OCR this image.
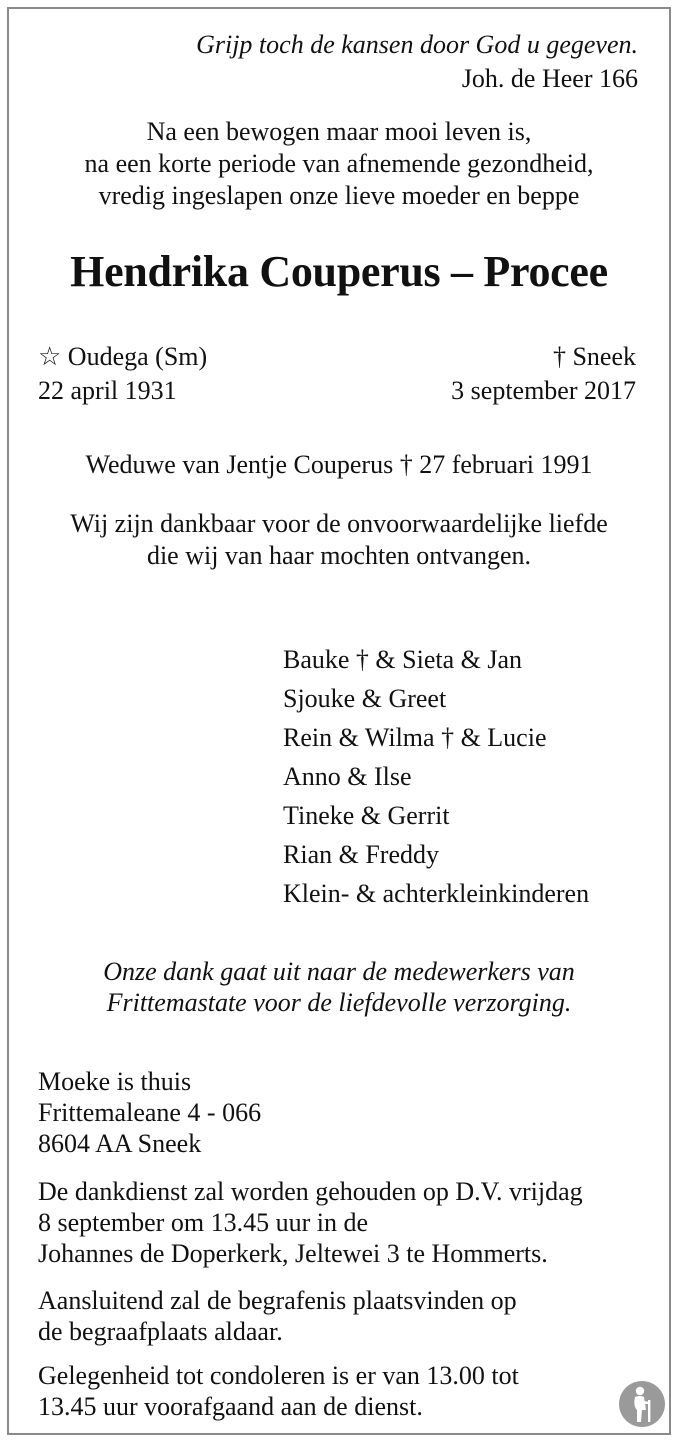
Grijp toch de kansen door God u gegeven.
Joh. de Heer 166
Na een bewogen maar mooi leven is,
na een korte periode van afnemende gezondheid,
vredig ingeslapen onze lieve moeder en beppe
Hendrika Couperus – Procee
☆ Oudega (Sm)
22 april 1931
† Sneek
3 september 2017
Weduwe van Jentje Couperus † 27 februari 1991
Wij zijn dankbaar voor de onvoorwaardelijke liefde
die wij van haar mochten ontvangen.
Bauke † & Sieta & Jan
Sjouke & Greet
Rein & Wilma † & Lucie
Anno & Ilse
Tineke & Gerrit
Rian & Freddy
Klein- & achterkleinkinderen
Onze dank gaat uit naar de medewerkers van
Frittemastate voor de liefdevolle verzorging.
Moeke is thuis
Frittemaleane 4 - 066
8604 AA Sneek
De dankdienst zal worden gehouden op D.V. vrijdag
8 september om 13.45 uur in de
Johannes de Doperkerk, Jeltewei 3 te Hommerts.
Aansluitend zal de begrafenis plaatsvinden op
de begraafplaats aldaar.
Gelegenheid tot condoleren is er van 13.00 tot
13.45 uur voorafgaand aan de dienst.
